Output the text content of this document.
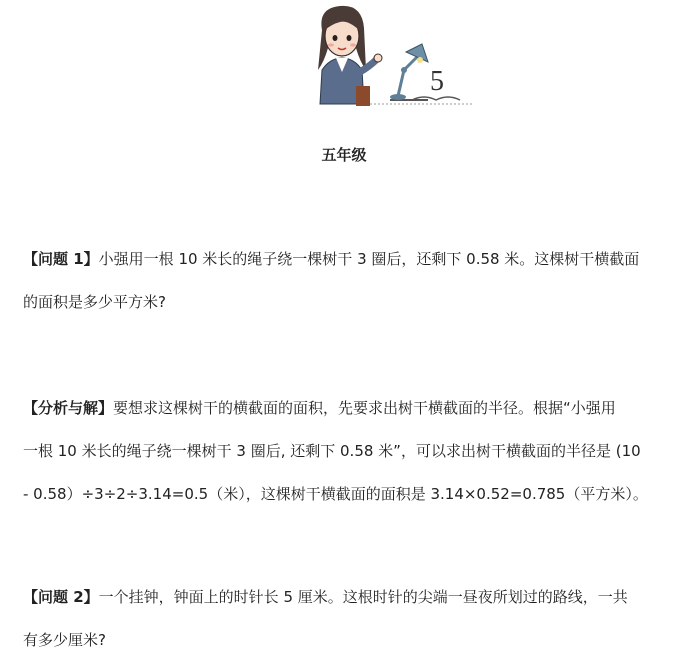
5
五年级
【问题 1】小强用一根 10 米长的绳子绕一棵树干 3 圈后，还剩下 0.58 米。这棵树干横截面
的面积是多少平方米?
【分析与解】要想求这棵树干的横截面的面积，先要求出树干横截面的半径。根据“小强用
一根 10 米长的绳子绕一棵树干 3 圈后, 还剩下 0.58 米”，可以求出树干横截面的半径是 (10
- 0.58）÷3÷2÷3.14=0.5（米），这棵树干横截面的面积是 3.14×0.52=0.785（平方米）。
【问题 2】一个挂钟，钟面上的时针长 5 厘米。这根时针的尖端一昼夜所划过的路线，一共
有多少厘米?
